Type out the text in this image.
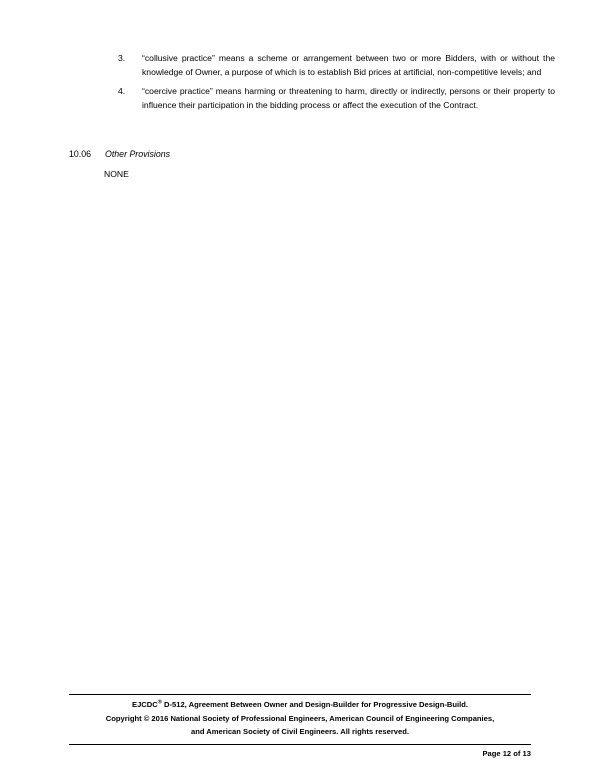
3.	“collusive practice” means a scheme or arrangement between two or more Bidders, with or without the knowledge of Owner, a purpose of which is to establish Bid prices at artificial, non-competitive levels; and
4.	“coercive practice” means harming or threatening to harm, directly or indirectly, persons or their property to influence their participation in the bidding process or affect the execution of the Contract.
10.06	Other Provisions
NONE
EJCDC® D-512, Agreement Between Owner and Design-Builder for Progressive Design-Build.
Copyright © 2016 National Society of Professional Engineers, American Council of Engineering Companies,
and American Society of Civil Engineers. All rights reserved.
Page 12 of 13
